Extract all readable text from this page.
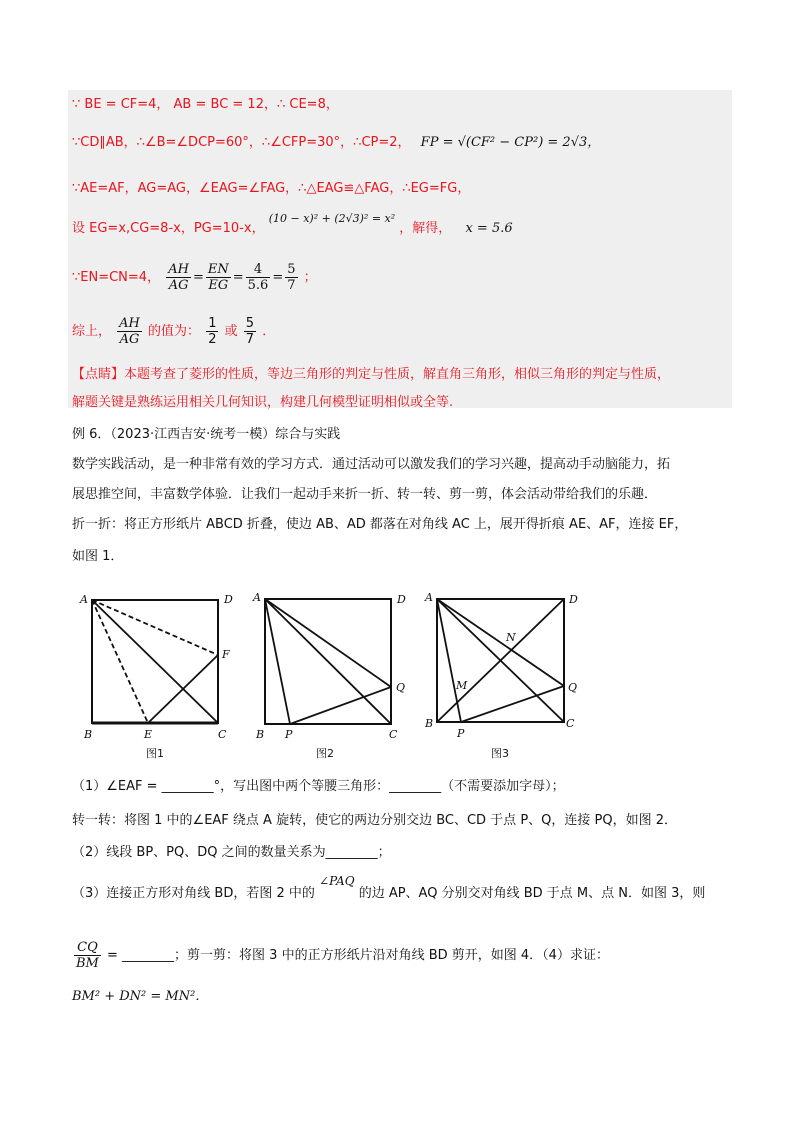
∵ BE = CF=4， AB = BC = 12，∴ CE=8，
∵CD∥AB，∴∠B=∠DCP=60°，∴∠CFP=30°，∴CP=2， FP = √(CF² − CP²) = 2√3，
∵AE=AF，AG=AG，∠EAG=∠FAG，∴△EAG≌△FAG，∴EG=FG，
设 EG=x,CG=8-x，PG=10-x， $^{(10 - x)^2 + (2√3)^2 = x^2}$ ，解得， x = 5.6
∵EN=CN=4， $\frac{AH}{AG} = \frac{EN}{EG} = \frac{4}{5.6} = \frac{5}{7}$ ；
综上， $\frac{AH}{AG}$ 的值为： $\frac{1}{2}$ 或 $\frac{5}{7}$ ．
【点睛】本题考查了菱形的性质，等边三角形的判定与性质，解直角三角形，相似三角形的判定与性质，
解题关键是熟练运用相关几何知识，构建几何模型证明相似或全等.
例 6．（2023·江西吉安·统考一模）综合与实践
数学实践活动，是一种非常有效的学习方式．通过活动可以激发我们的学习兴趣，提高动手动脑能力，拓
展思推空间，丰富数学体验．让我们一起动手来折一折、转一转、剪一剪，体会活动带给我们的乐趣．
折一折：将正方形纸片 ABCD 折叠，使边 AB、AD 都落在对角线 AC 上，展开得折痕 AE、AF，连接 EF，
如图 1．
A	D
B	E	C
F
图1
A	D
B P	C
Q
图2
A	D
B
P
C
Q
M
N
图3
（1）∠EAF = ________°，写出图中两个等腰三角形：________（不需要添加字母）；
转一转：将图 1 中的∠EAF 绕点 A 旋转，使它的两边分别交边 BC、CD 于点 P、Q，连接 PQ，如图 2．
（2）线段 BP、PQ、DQ 之间的数量关系为________；
（3）连接正方形对角线 BD，若图 2 中的 ∠PAQ 的边 AP、AQ 分别交对角线 BD 于点 M、点 N．如图 3，则
$\frac{CQ}{BM}$ = ________；剪一剪：将图 3 中的正方形纸片沿对角线 BD 剪开，如图 4．（4）求证：
BM² + DN² = MN²．
